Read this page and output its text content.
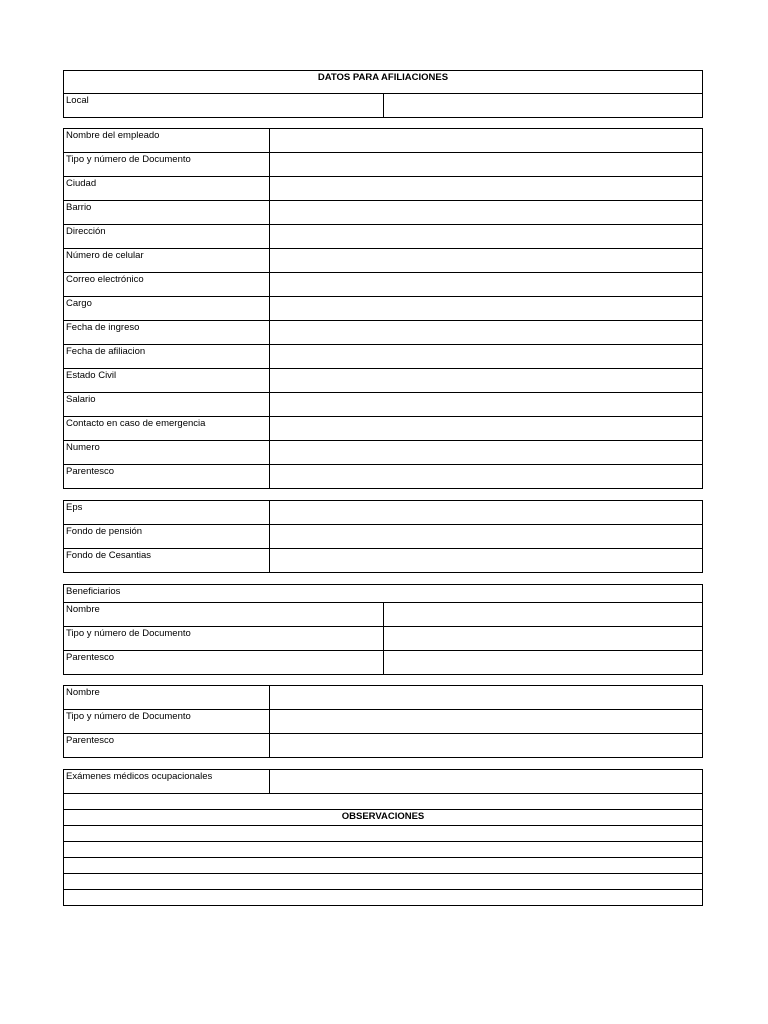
DATOS PARA AFILIACIONES
Local	
Nombre del empleado	
Tipo y número de Documento	
Ciudad	
Barrio	
Dirección	
Número de celular	
Correo electrónico	
Cargo	
Fecha de ingreso	
Fecha de afiliacion	
Estado Civil	
Salario	
Contacto en caso de emergencia	
Numero	
Parentesco	
Eps	
Fondo de pensión	
Fondo de Cesantias	
Beneficiarios	
Nombre	
Tipo y número de Documento	
Parentesco	
Nombre	
Tipo y número de Documento	
Parentesco	
Exámenes médicos ocupacionales	

OBSERVACIONES
